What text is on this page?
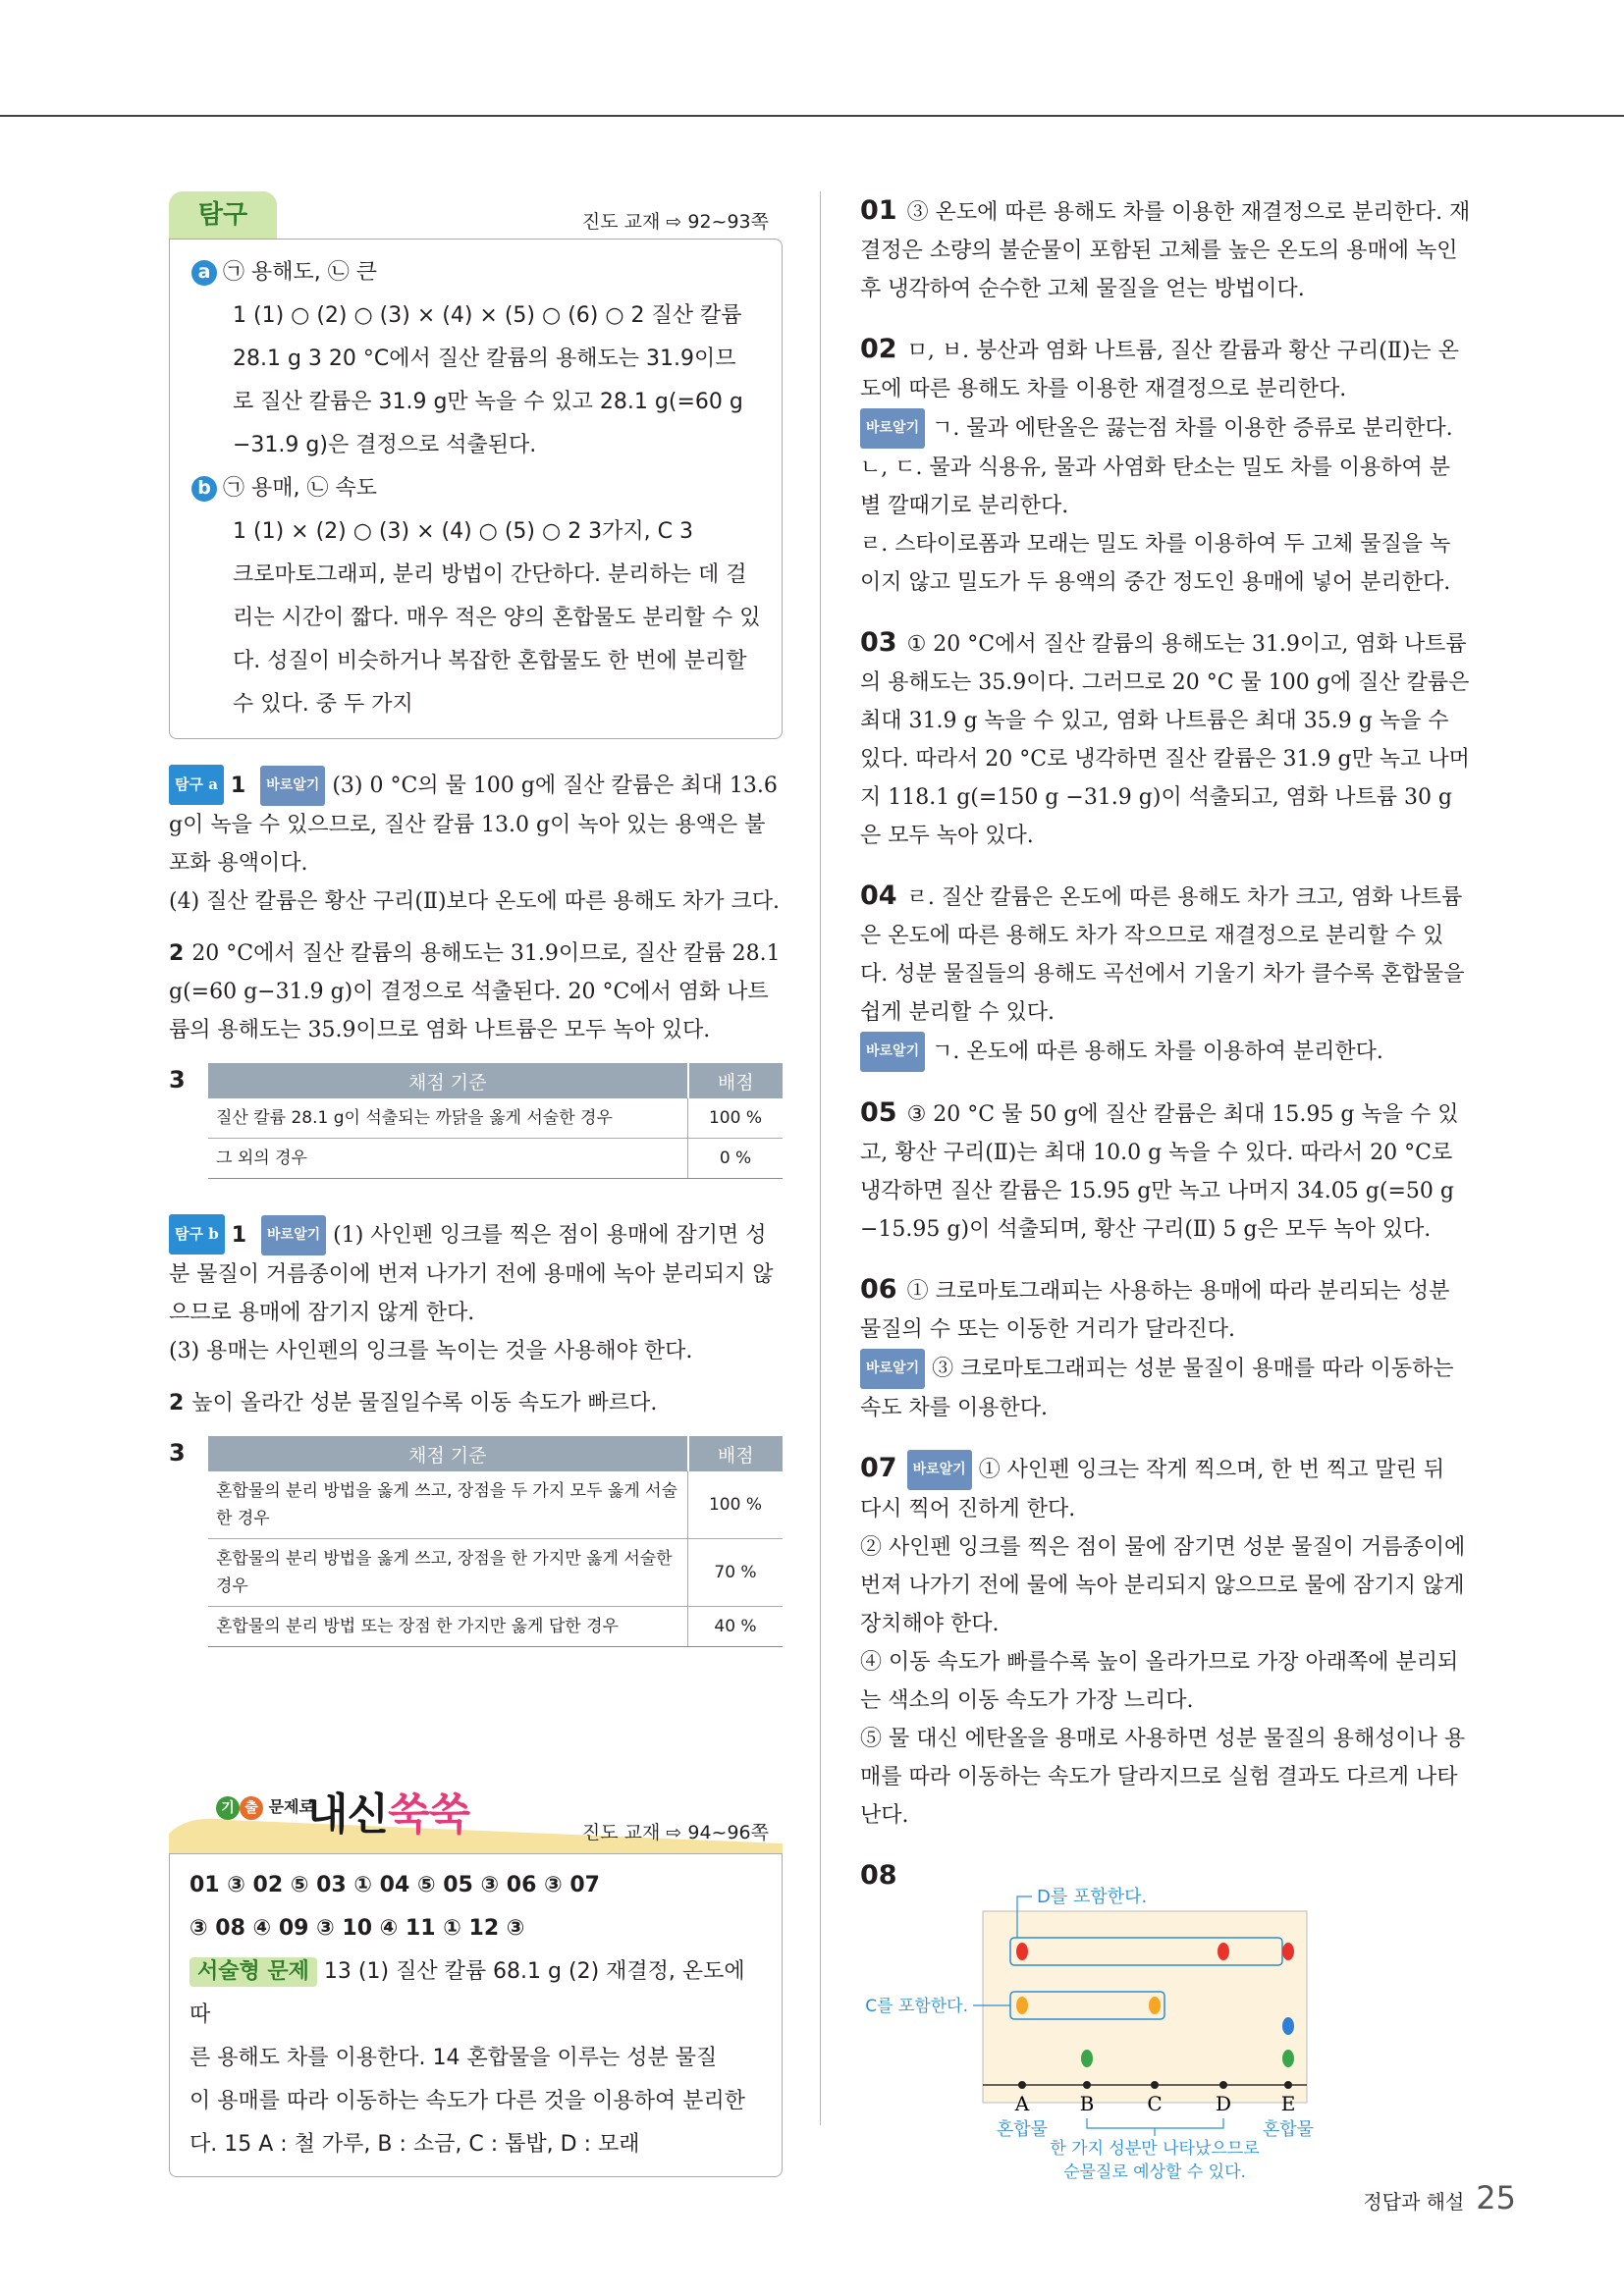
탐구	진도 교재 ⇨ 92~93쪽

a ㉠ 용해도, ㉡ 큰

1 (1) ○ (2) ○ (3) × (4) × (5) ○ (6) ○ 2 질산 칼륨

28.1 g 3 20 °C에서 질산 칼륨의 용해도는 31.9이므

로 질산 칼륨은 31.9 g만 녹을 수 있고 28.1 g(=60 g

−31.9 g)은 결정으로 석출된다.

b ㉠ 용매, ㉡ 속도

1 (1) × (2) ○ (3) × (4) ○ (5) ○ 2 3가지, C 3

크로마토그래피, 분리 방법이 간단하다. 분리하는 데 걸

리는 시간이 짧다. 매우 적은 양의 혼합물도 분리할 수 있

다. 성질이 비슷하거나 복잡한 혼합물도 한 번에 분리할

수 있다. 중 두 가지

탐구 a 1 바로알기 (3) 0 °C의 물 100 g에 질산 칼륨은 최대 13.6 g이 녹을 수 있으므로, 질산 칼륨 13.0 g이 녹아 있는 용액은 불포화 용액이다.

(4) 질산 칼륨은 황산 구리(Ⅱ)보다 온도에 따른 용해도 차가 크다.

2 20 °C에서 질산 칼륨의 용해도는 31.9이므로, 질산 칼륨 28.1 g(=60 g−31.9 g)이 결정으로 석출된다. 20 °C에서 염화 나트륨의 용해도는 35.9이므로 염화 나트륨은 모두 녹아 있다.

3	채점 기준	배점
질산 칼륨 28.1 g이 석출되는 까닭을 옳게 서술한 경우	100 %
그 외의 경우	0 %

탐구 b 1 바로알기 (1) 사인펜 잉크를 찍은 점이 용매에 잠기면 성분 물질이 거름종이에 번져 나가기 전에 용매에 녹아 분리되지 않으므로 용매에 잠기지 않게 한다.

(3) 용매는 사인펜의 잉크를 녹이는 것을 사용해야 한다.

2 높이 올라간 성분 물질일수록 이동 속도가 빠르다.

3	채점 기준	배점
혼합물의 분리 방법을 옳게 쓰고, 장점을 두 가지 모두 옳게 서술한 경우	100 %
혼합물의 분리 방법을 옳게 쓰고, 장점을 한 가지만 옳게 서술한 경우	70 %
혼합물의 분리 방법 또는 장점 한 가지만 옳게 답한 경우	40 %
기 출 문제로
내신쑥쑥	진도 교재 ⇨ 94~96쪽

01 ③ 02 ⑤ 03 ① 04 ⑤ 05 ③ 06 ③ 07

③ 08 ④ 09 ③ 10 ④ 11 ① 12 ③

서술형 문제 13 (1) 질산 칼륨 68.1 g (2) 재결정, 온도에 따

른 용해도 차를 이용한다. 14 혼합물을 이루는 성분 물질

이 용매를 따라 이동하는 속도가 다른 것을 이용하여 분리한

다. 15 A : 철 가루, B : 소금, C : 톱밥, D : 모래

01 ③ 온도에 따른 용해도 차를 이용한 재결정으로 분리한다. 재결정은 소량의 불순물이 포함된 고체를 높은 온도의 용매에 녹인 후 냉각하여 순수한 고체 물질을 얻는 방법이다.

02 ㅁ, ㅂ. 붕산과 염화 나트륨, 질산 칼륨과 황산 구리(Ⅱ)는 온도에 따른 용해도 차를 이용한 재결정으로 분리한다.

바로알기 ㄱ. 물과 에탄올은 끓는점 차를 이용한 증류로 분리한다.

ㄴ, ㄷ. 물과 식용유, 물과 사염화 탄소는 밀도 차를 이용하여 분별 깔때기로 분리한다.

ㄹ. 스타이로폼과 모래는 밀도 차를 이용하여 두 고체 물질을 녹이지 않고 밀도가 두 용액의 중간 정도인 용매에 넣어 분리한다.

03 ① 20 °C에서 질산 칼륨의 용해도는 31.9이고, 염화 나트륨의 용해도는 35.9이다. 그러므로 20 °C 물 100 g에 질산 칼륨은 최대 31.9 g 녹을 수 있고, 염화 나트륨은 최대 35.9 g 녹을 수 있다. 따라서 20 °C로 냉각하면 질산 칼륨은 31.9 g만 녹고 나머지 118.1 g(=150 g −31.9 g)이 석출되고, 염화 나트륨 30 g은 모두 녹아 있다.

04 ㄹ. 질산 칼륨은 온도에 따른 용해도 차가 크고, 염화 나트륨은 온도에 따른 용해도 차가 작으므로 재결정으로 분리할 수 있다. 성분 물질들의 용해도 곡선에서 기울기 차가 클수록 혼합물을 쉽게 분리할 수 있다.

바로알기 ㄱ. 온도에 따른 용해도 차를 이용하여 분리한다.

05 ③ 20 °C 물 50 g에 질산 칼륨은 최대 15.95 g 녹을 수 있고, 황산 구리(Ⅱ)는 최대 10.0 g 녹을 수 있다. 따라서 20 °C로 냉각하면 질산 칼륨은 15.95 g만 녹고 나머지 34.05 g(=50 g −15.95 g)이 석출되며, 황산 구리(Ⅱ) 5 g은 모두 녹아 있다.

06 ① 크로마토그래피는 사용하는 용매에 따라 분리되는 성분 물질의 수 또는 이동한 거리가 달라진다.

바로알기 ③ 크로마토그래피는 성분 물질이 용매를 따라 이동하는 속도 차를 이용한다.

07 바로알기 ① 사인펜 잉크는 작게 찍으며, 한 번 찍고 말린 뒤 다시 찍어 진하게 한다.

② 사인펜 잉크를 찍은 점이 물에 잠기면 성분 물질이 거름종이에 번져 나가기 전에 물에 녹아 분리되지 않으므로 물에 잠기지 않게 장치해야 한다.

④ 이동 속도가 빠를수록 높이 올라가므로 가장 아래쪽에 분리되는 색소의 이동 속도가 가장 느리다.

⑤ 물 대신 에탄올을 용매로 사용하면 성분 물질의 용해성이나 용매를 따라 이동하는 속도가 달라지므로 실험 결과도 다르게 나타난다.

08

D를 포함한다.
C를 포함한다.
A	B	C	D	E
혼합물	혼합물
한 가지 성분만 나타났으므로
순물질로 예상할 수 있다.
정답과 해설 25
